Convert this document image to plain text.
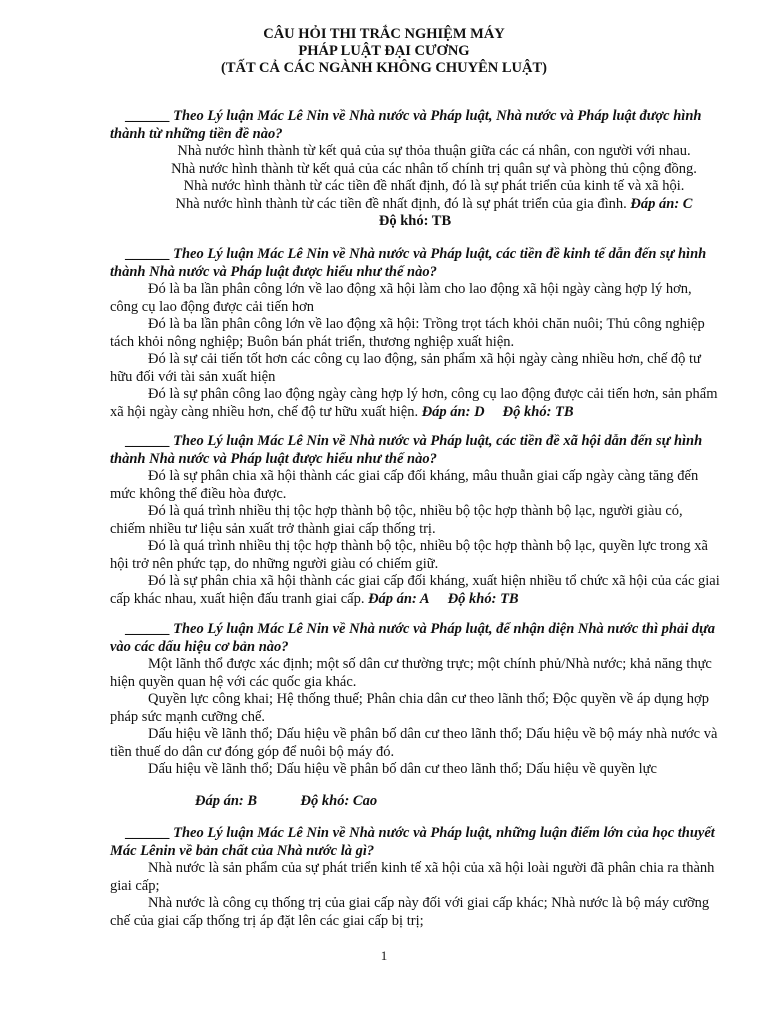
CÂU HỎI THI TRẮC NGHIỆM MÁY
PHÁP LUẬT ĐẠI CƯƠNG
(TẤT CẢ CÁC NGÀNH KHÔNG CHUYÊN LUẬT)
______ Theo Lý luận Mác Lê Nin về Nhà nước và Pháp luật, Nhà nước và Pháp luật được hình thành từ những tiền đề nào?
Nhà nước hình thành từ kết quả của sự thỏa thuận giữa các cá nhân, con người với nhau.
Nhà nước hình thành từ kết quả của các nhân tố chính trị quân sự và phòng thủ cộng đồng.
Nhà nước hình thành từ các tiền đề nhất định, đó là sự phát triển của kinh tế và xã hội.
Nhà nước hình thành từ các tiền đề nhất định, đó là sự phát triển của gia đình. Đáp án: C
Độ khó: TB
______ Theo Lý luận Mác Lê Nin về Nhà nước và Pháp luật, các tiền đề kinh tế dẫn đến sự hình thành Nhà nước và Pháp luật được hiểu như thế nào?
Đó là ba lần phân công lớn về lao động xã hội làm cho lao động xã hội ngày càng hợp lý hơn, công cụ lao động được cải tiến hơn
Đó là ba lần phân công lớn về lao động xã hội: Trồng trọt tách khỏi chăn nuôi; Thủ công nghiệp tách khỏi nông nghiệp; Buôn bán phát triển, thương nghiệp xuất hiện.
Đó là sự cải tiến tốt hơn các công cụ lao động, sản phẩm xã hội ngày càng nhiều hơn, chế độ tư hữu đối với tài sản xuất hiện
Đó là sự phân công lao động ngày càng hợp lý hơn, công cụ lao động được cải tiến hơn, sản phẩm xã hội ngày càng nhiều hơn, chế độ tư hữu xuất hiện. Đáp án: D Độ khó: TB
______ Theo Lý luận Mác Lê Nin về Nhà nước và Pháp luật, các tiền đề xã hội dẫn đến sự hình thành Nhà nước và Pháp luật được hiểu như thế nào?
Đó là sự phân chia xã hội thành các giai cấp đối kháng, mâu thuẫn giai cấp ngày càng tăng đến mức không thể điều hòa được.
Đó là quá trình nhiều thị tộc hợp thành bộ tộc, nhiều bộ tộc hợp thành bộ lạc, người giàu có, chiếm nhiều tư liệu sản xuất trở thành giai cấp thống trị.
Đó là quá trình nhiều thị tộc hợp thành bộ tộc, nhiều bộ tộc hợp thành bộ lạc, quyền lực trong xã hội trở nên phức tạp, do những người giàu có chiếm giữ.
Đó là sự phân chia xã hội thành các giai cấp đối kháng, xuất hiện nhiều tổ chức xã hội của các giai cấp khác nhau, xuất hiện đấu tranh giai cấp. Đáp án: A Độ khó: TB
______ Theo Lý luận Mác Lê Nin về Nhà nước và Pháp luật, để nhận diện Nhà nước thì phải dựa vào các dấu hiệu cơ bản nào?
Một lãnh thổ được xác định; một số dân cư thường trực; một chính phủ/Nhà nước; khả năng thực hiện quyền quan hệ với các quốc gia khác.
Quyền lực công khai; Hệ thống thuế; Phân chia dân cư theo lãnh thổ; Độc quyền về áp dụng hợp pháp sức mạnh cưỡng chế.
Dấu hiệu về lãnh thổ; Dấu hiệu về phân bố dân cư theo lãnh thổ; Dấu hiệu về bộ máy nhà nước và tiền thuế do dân cư đóng góp để nuôi bộ máy đó.
Dấu hiệu về lãnh thổ; Dấu hiệu về phân bố dân cư theo lãnh thổ; Dấu hiệu về quyền lực
Đáp án: B	Độ khó: Cao
______ Theo Lý luận Mác Lê Nin về Nhà nước và Pháp luật, những luận điểm lớn của học thuyết Mác Lênin về bản chất của Nhà nước là gì?
Nhà nước là sản phẩm của sự phát triển kinh tế xã hội của xã hội loài người đã phân chia ra thành giai cấp;
Nhà nước là công cụ thống trị của giai cấp này đối với giai cấp khác; Nhà nước là bộ máy cưỡng chế của giai cấp thống trị áp đặt lên các giai cấp bị trị;
1
